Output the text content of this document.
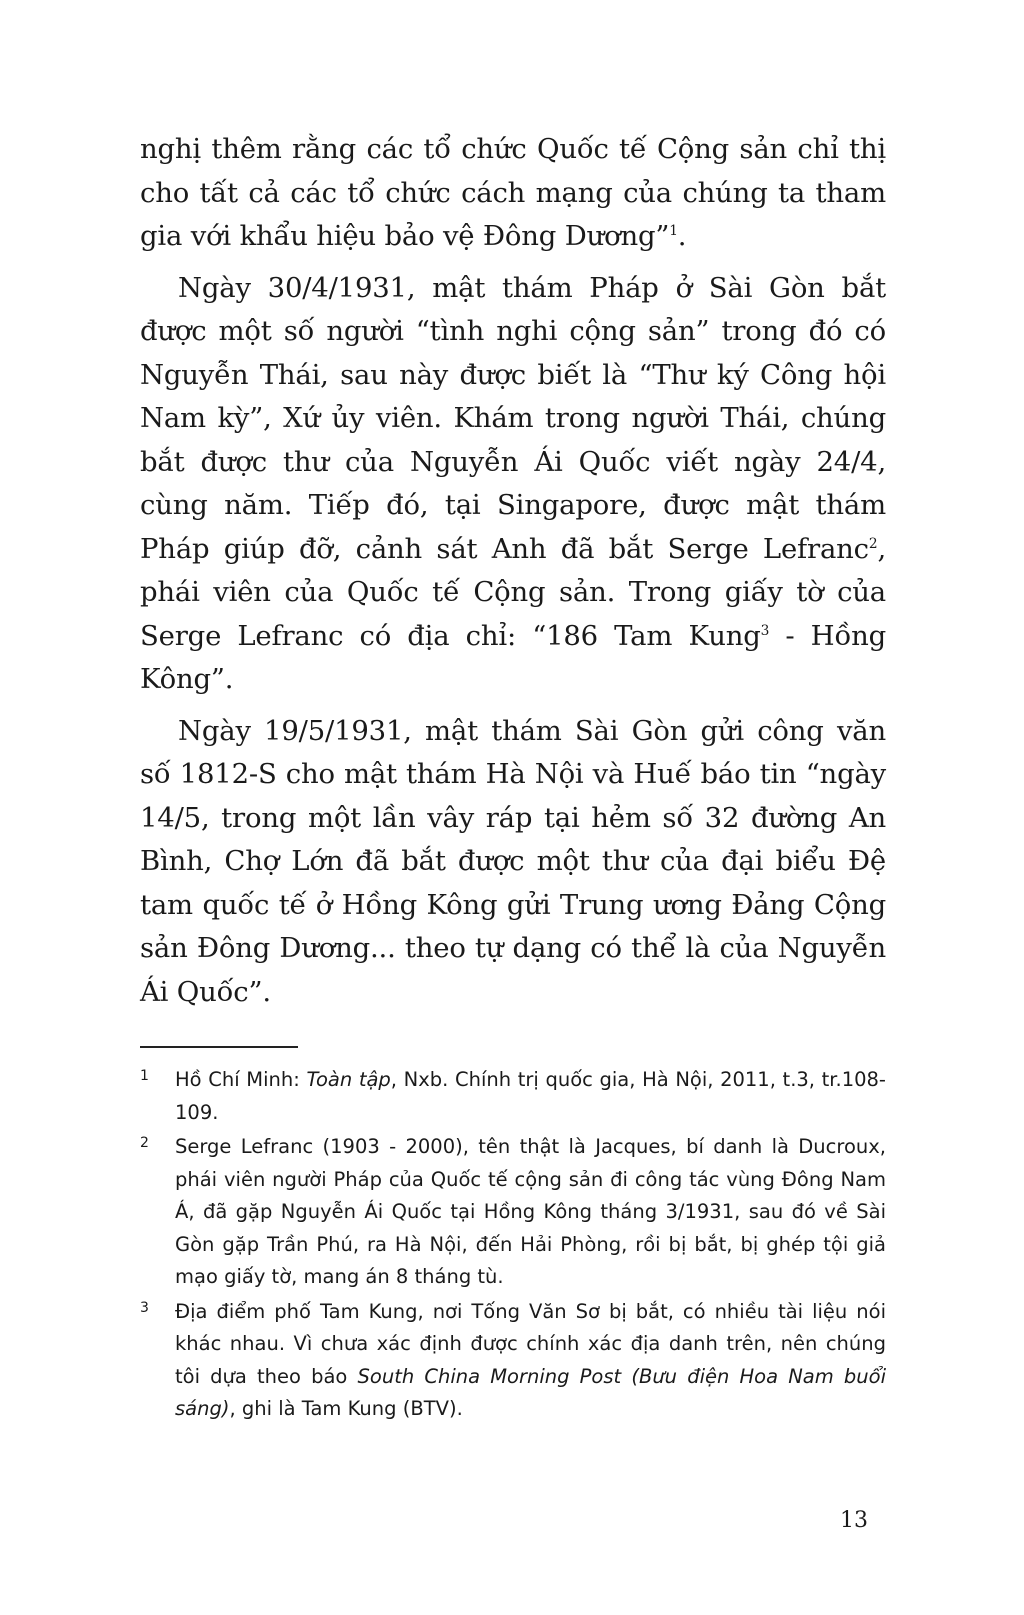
nghị thêm rằng các tổ chức Quốc tế Cộng sản chỉ thị cho tất cả các tổ chức cách mạng của chúng ta tham gia với khẩu hiệu bảo vệ Đông Dương”$^1$.

Ngày 30/4/1931, mật thám Pháp ở Sài Gòn bắt được một số người “tình nghi cộng sản” trong đó có Nguyễn Thái, sau này được biết là “Thư ký Công hội Nam kỳ”, Xứ ủy viên. Khám trong người Thái, chúng bắt được thư của Nguyễn Ái Quốc viết ngày 24/4, cùng năm. Tiếp đó, tại Singapore, được mật thám Pháp giúp đỡ, cảnh sát Anh đã bắt Serge Lefranc$^2$, phái viên của Quốc tế Cộng sản. Trong giấy tờ của Serge Lefranc có địa chỉ: “186 Tam Kung$^3$ - Hồng Kông”.

Ngày 19/5/1931, mật thám Sài Gòn gửi công văn số 1812-S cho mật thám Hà Nội và Huế báo tin “ngày 14/5, trong một lần vây ráp tại hẻm số 32 đường An Bình, Chợ Lớn đã bắt được một thư của đại biểu Đệ tam quốc tế ở Hồng Kông gửi Trung ương Đảng Cộng sản Đông Dương... theo tự dạng có thể là của Nguyễn Ái Quốc”.

1 Hồ Chí Minh: Toàn tập, Nxb. Chính trị quốc gia, Hà Nội, 2011, t.3, tr.108-109.
2 Serge Lefranc (1903 - 2000), tên thật là Jacques, bí danh là Ducroux, phái viên người Pháp của Quốc tế cộng sản đi công tác vùng Đông Nam Á, đã gặp Nguyễn Ái Quốc tại Hồng Kông tháng 3/1931, sau đó về Sài Gòn gặp Trần Phú, ra Hà Nội, đến Hải Phòng, rồi bị bắt, bị ghép tội giả mạo giấy tờ, mang án 8 tháng tù.
3 Địa điểm phố Tam Kung, nơi Tống Văn Sơ bị bắt, có nhiều tài liệu nói khác nhau. Vì chưa xác định được chính xác địa danh trên, nên chúng tôi dựa theo báo South China Morning Post (Bưu điện Hoa Nam buổi sáng), ghi là Tam Kung (BTV).
13
